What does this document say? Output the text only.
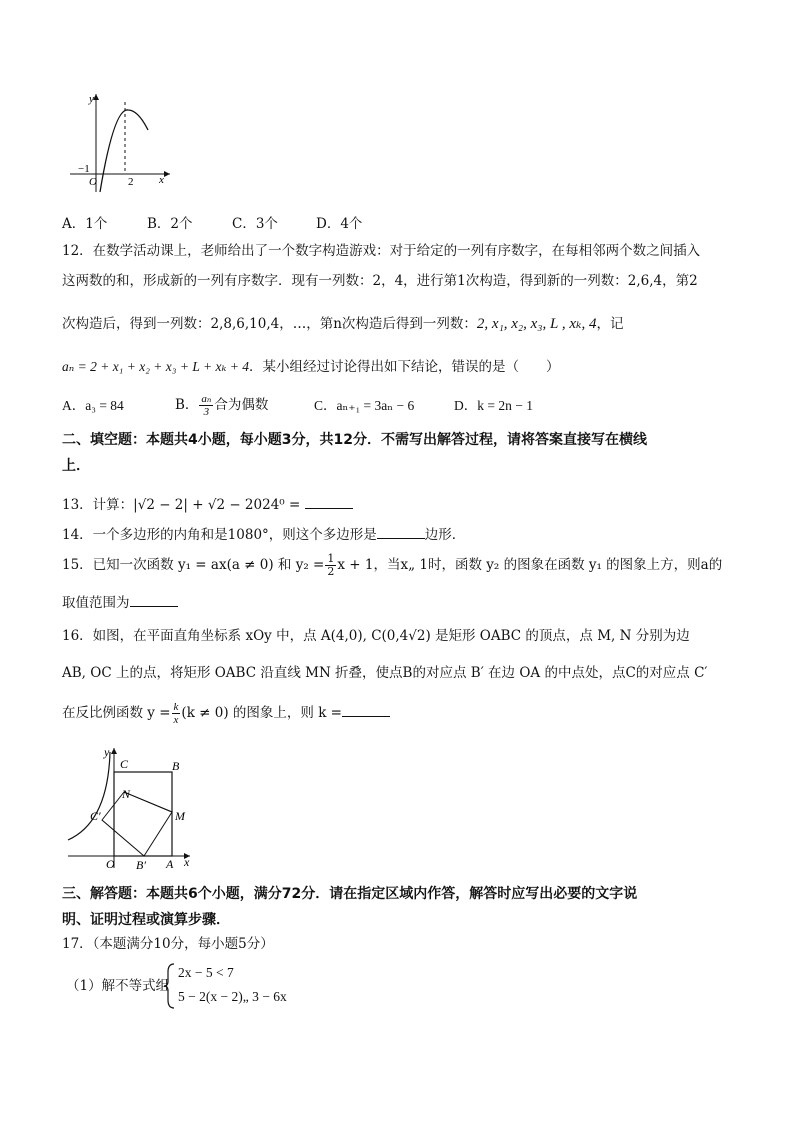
y
x
O
−1
2
A．1个	B．2个	C．3个	D．4个
12．在数学活动课上，老师给出了一个数字构造游戏：对于给定的一列有序数字，在每相邻两个数之间插入
这两数的和，形成新的一列有序数字．现有一列数：2，4，进行第1次构造，得到新的一列数：2,6,4，第2
次构造后，得到一列数：2,8,6,10,4，…，第n次构造后得到一列数：2, x₁, x₂, x₃, L , xₖ, 4，记
aₙ = 2 + x₁ + x₂ + x₃ + L + xₖ + 4．某小组经过讨论得出如下结论，错误的是（　　）
A．a₃ = 84	B． $\frac{\text{aₙ}}{3}$ 合为偶数	C．aₙ₊₁ = 3aₙ − 6	D．k = 2n − 1
二、填空题：本题共4小题，每小题3分，共12分．不需写出解答过程，请将答案直接写在横线
上．
13．计算：|√2 − 2| + √2 − 2024⁰ =
14．一个多边形的内角和是1080°，则这个多边形是	边形．
15．已知一次函数 y₁ = ax(a ≠ 0) 和 $y_2 = \frac{1}{2}$ x + 1，当x„ 1时，函数 y₂ 的图象在函数 y₁ 的图象上方，则a的
取值范围为
16．如图，在平面直角坐标系 xOy 中，点 A(4,0), C(0,4√2) 是矩形 OABC 的顶点，点 M, N 分别为边
AB, OC 上的点，将矩形 OABC 沿直线 MN 折叠，使点B的对应点 B′ 在边 OA 的中点处，点C的对应点 C′
在反比例函数 $y = \frac{k}{x} (k \ne 0)$ 的图象上，则 k =
y
x
C	B
N
C′	M
O B′ A
三、解答题：本题共6个小题，满分72分．请在指定区域内作答，解答时应写出必要的文字说
明、证明过程或演算步骤．
17．（本题满分10分，每小题5分）
（1）解不等式组
2x − 5 < 7
5 − 2(x − 2)„ 3 − 6x
